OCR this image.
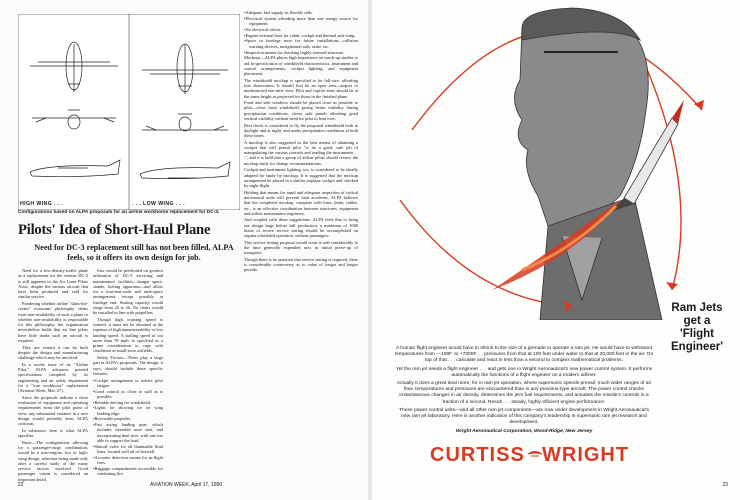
HIGH WING . . .	. . . LOW WING . . .
Configurations based on ALPA proposals for an airline workhorse replacement for DC-3.
• Adequate fuel supply, in flexible cells.
• Electrical system affording more than one energy source for equipment.
• No electrical valves.
• Engine-external boot for cabin, cockpit and thermal anti-icing.
• Space in fuselage nose for future installations—collision warning devices, navigational aids, radar, etc.
• Inspection means for checking highly stressed structure.

Mockups—ALPA places high importance on mock-up studies to aid in specification of windshield characteristics, instrument and control arrangements, cockpit lighting, and equipment placement.

The windshield mockup is specified to be full-size, affording true observation. It should first be an open area—airport or unobstructed one-mile view. Pilot and copilot seats should be at the same height as projected for those in the finished plane.

Front and side windows should be placed close as possible to pilot—close front windshield giving better visibility during precipitation conditions, closer side panels affording good vertical visibility without need for pilot to lean over.

Best check is considered to fly the proposed windshield both in daylight and at night, and under precipitation conditions at both these times.

A mockup is also suggested as the best means of obtaining a cockpit that will permit pilot "to do a good, safe job of manipulating the various controls and reading the instruments . . .", and it is held that a group of airline pilots should review the mockup study for change recommendations.

Cockpit and instrument lighting, too, is considered to be ideally adapted for study by mockup. It is suggested that the mockup arrangement be placed in a similar airplane cockpit and checked by night flight.

Holding that means for rapid and adequate inspection of critical mechanical units will prevent fatal accidents, ALPA believes that the completed mockup, complete with lines, leads, cables, etc., is an effective coordination between structures, equipment and airline maintenance engineers.

And coupled with these suggestions, ALPA feels that to bring out design bugs before full production, a minimum of 1000 hours of severe service testing should be accomplished on regular scheduled operation, without passengers.

This service testing proposal would seem to add considerably to the time generally expended now in initial prove-up of transports.

Though there is no question that service testing is required, there is considerable controversy as to value of longer and longer periods.

Pilots' Idea of Short-Haul Plane
Need for DC-3 replacement still has not been filled, ALPA feels, so it offers its own design for job.

Need for a low-density-traffic plane as a replacement for the veteran DC-3 is still apparent to the Air Lines Pilots Assn., despite the various aircraft that have been produced and sold for similar service.

Pondering whether airline "skim-the-cream" economic philosophy stems from non-availability of such a plane or whether non-availability is responsible for this philosophy, the organization nevertheless holds that air line pilots have little doubt such an aircraft is required.

They are certain it can be built despite the design and manufacturing challenge which may be involved.

In a recent issue of its "Airline Pilot," ALPA advances pointed specifications compiled by its engineering and air safety department for a "true workhorse" replacement (Aviation Week, Mar. 27).

Since the proposals indicate a close evaluation of equipment and operating requirements from the pilot point of view, any substantial variance in a new design would probably draw ALPA criticism.

In substance, here is what ALPA specifies.

Basic—The configuration, allowing for a passenger-cargo combination, would be a twin-engine, low or high-wing design, selection being made only after a careful study of the many service factors involved. Good passenger vision is considered an important detail.

Size would be predicated on greatest utilization of DC-3 servicing and maintenance facilities—hangar space, stands, fueling apparatus—and allow for a four-seat-wide and aisle-space arrangement, except possibly at fuselage end. Seating capacity would range from 20 to 26. No chairs would be installed in line with propellers.

Though high cruising speed is wanted, it must not be obtained at the expense of high maneuverability or low landing speed. A stalling speed of not more than 70 mph. is specified as a prime consideration to cope with conditions at small-town airfields.

Safety Factors—These play a large part in ALPA's proposals. The design, it says, should include these specific features:

• Cockpit arrangement to reduce pilot fatigue.
• Good control as close to stall as is possible.
• Reliable deicing for windshield.
• Lights for showing ice on wing leading edge.
• Reversible propeller.
• Fast acting landing gear, which includes steerable nose unit, and incorporating dual tires, with one tire able to support the load.
• Shutoff valve for all flammable fluid lines, located well aft of firewall.
• Accurate detection means for in-flight fires.
• Baggage compartments accessible for combating fire.
22	AVIATION WEEK, April 17, 1950
Ram Jets get a 'Flight Engineer'

A human flight engineer would have to shrink to the size of a grenade to operate a ram jet. He would have to withstand temperatures from —100F. to +7000F. . . pressures from that at 100 feet under water to that at 20,000 feet in the air. On top of that . . . calculate and react in less than a second to complex mathematical problems.

Yet the ram jet needs a flight engineer . . . and gets one in Wright Aeronautical's new power control system. It performs automatically the functions of a flight engineer on a modern airliner.

Actually it does a great deal more, for in ram jet operation, where supersonic speeds prevail, much wider ranges of air flow, temperatures and pressures are encountered than in any previous-type aircraft. The power control checks instantaneous changes in air density, determines the jet's fuel requirements, and actuates the missile's controls in a fraction of a second. Result . . . steady, highly efficient engine performance.

These power control units—and all other ram jet components—are now under development in Wright Aeronautical's new ram jet laboratory. Here is another indication of this company's leadership in supersonic ram jet research and development.

Wright Aeronautical Corporation, Wood-Ridge, New Jersey

CURTISS WRIGHT
23
